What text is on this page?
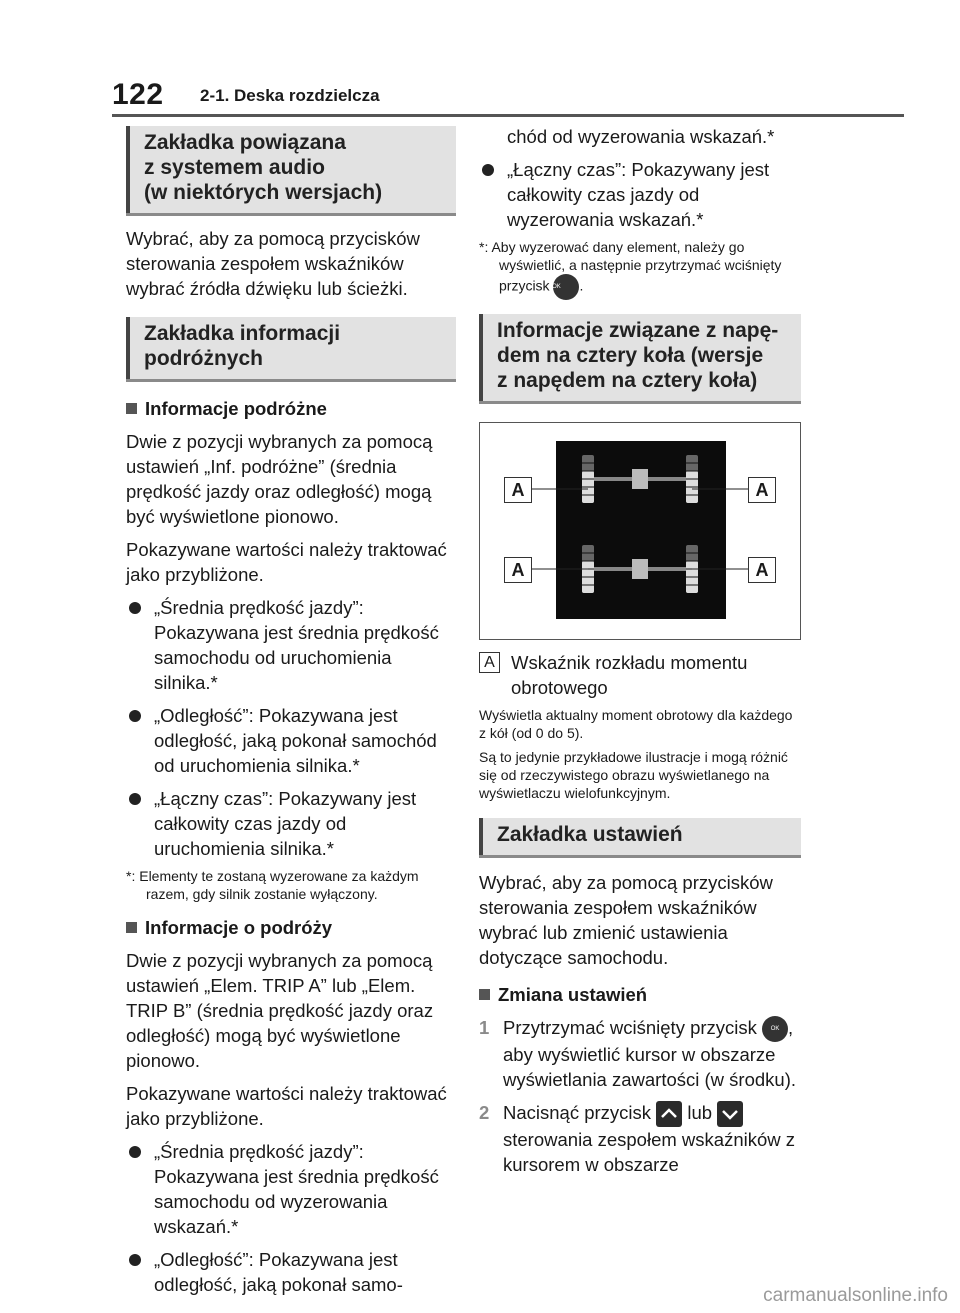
122 2-1. Deska rozdzielcza
Zakładka powiązana
z systemem audio
(w niektórych wersjach)

Wybrać, aby za pomocą przycisków sterowania zespołem wskaźników wybrać źródła dźwięku lub ścieżki.

Zakładka informacji
podróżnych
Informacje podróżne

Dwie z pozycji wybranych za pomocą ustawień „Inf. podróżne” (średnia prędkość jazdy oraz odległość) mogą być wyświetlone pionowo.

Pokazywane wartości należy traktować jako przybliżone.

„Średnia prędkość jazdy”: Pokazywana jest średnia prędkość samochodu od uruchomienia silnika.*
„Odległość”: Pokazywana jest odległość, jaką pokonał samochód od uruchomienia silnika.*
„Łączny czas”: Pokazywany jest całkowity czas jazdy od uruchomienia silnika.*

*: Elementy te zostaną wyzerowane za każdym razem, gdy silnik zostanie wyłączony.

Informacje o podróży

Dwie z pozycji wybranych za pomocą ustawień „Elem. TRIP A” lub „Elem. TRIP B” (średnia prędkość jazdy oraz odległość) mogą być wyświetlone pionowo.

Pokazywane wartości należy traktować jako przybliżone.

„Średnia prędkość jazdy”: Pokazywana jest średnia prędkość samochodu od wyzerowania wskazań.*
„Odległość”: Pokazywana jest odległość, jaką pokonał samo-

chód od wyzerowania wskazań.*

„Łączny czas”: Pokazywany jest całkowity czas jazdy od wyzerowania wskazań.*

*: Aby wyzerować dany element, należy go wyświetlić, a następnie przytrzymać wciśnięty przycisk OK .

Informacje związane z napę-
dem na cztery koła (wersje
z napędem na cztery koła)
A	A
A	A
A Wskaźnik rozkładu momentu obrotowego

Wyświetla aktualny moment obrotowy dla każdego z kół (od 0 do 5).

Są to jedynie przykładowe ilustracje i mogą różnić się od rzeczywistego obrazu wyświetlanego na wyświetlaczu wielofunkcyjnym.

Zakładka ustawień

Wybrać, aby za pomocą przycisków sterowania zespołem wskaźników wybrać lub zmienić ustawienia dotyczące samochodu.

Zmiana ustawień
1 Przytrzymać wciśnięty przycisk OK , aby wyświetlić kursor w obszarze wyświetlania zawartości (w środku).
2 Nacisnąć przycisk lub  sterowania zespołem wskaźników z kursorem w obszarze
carmanualsonline.info
